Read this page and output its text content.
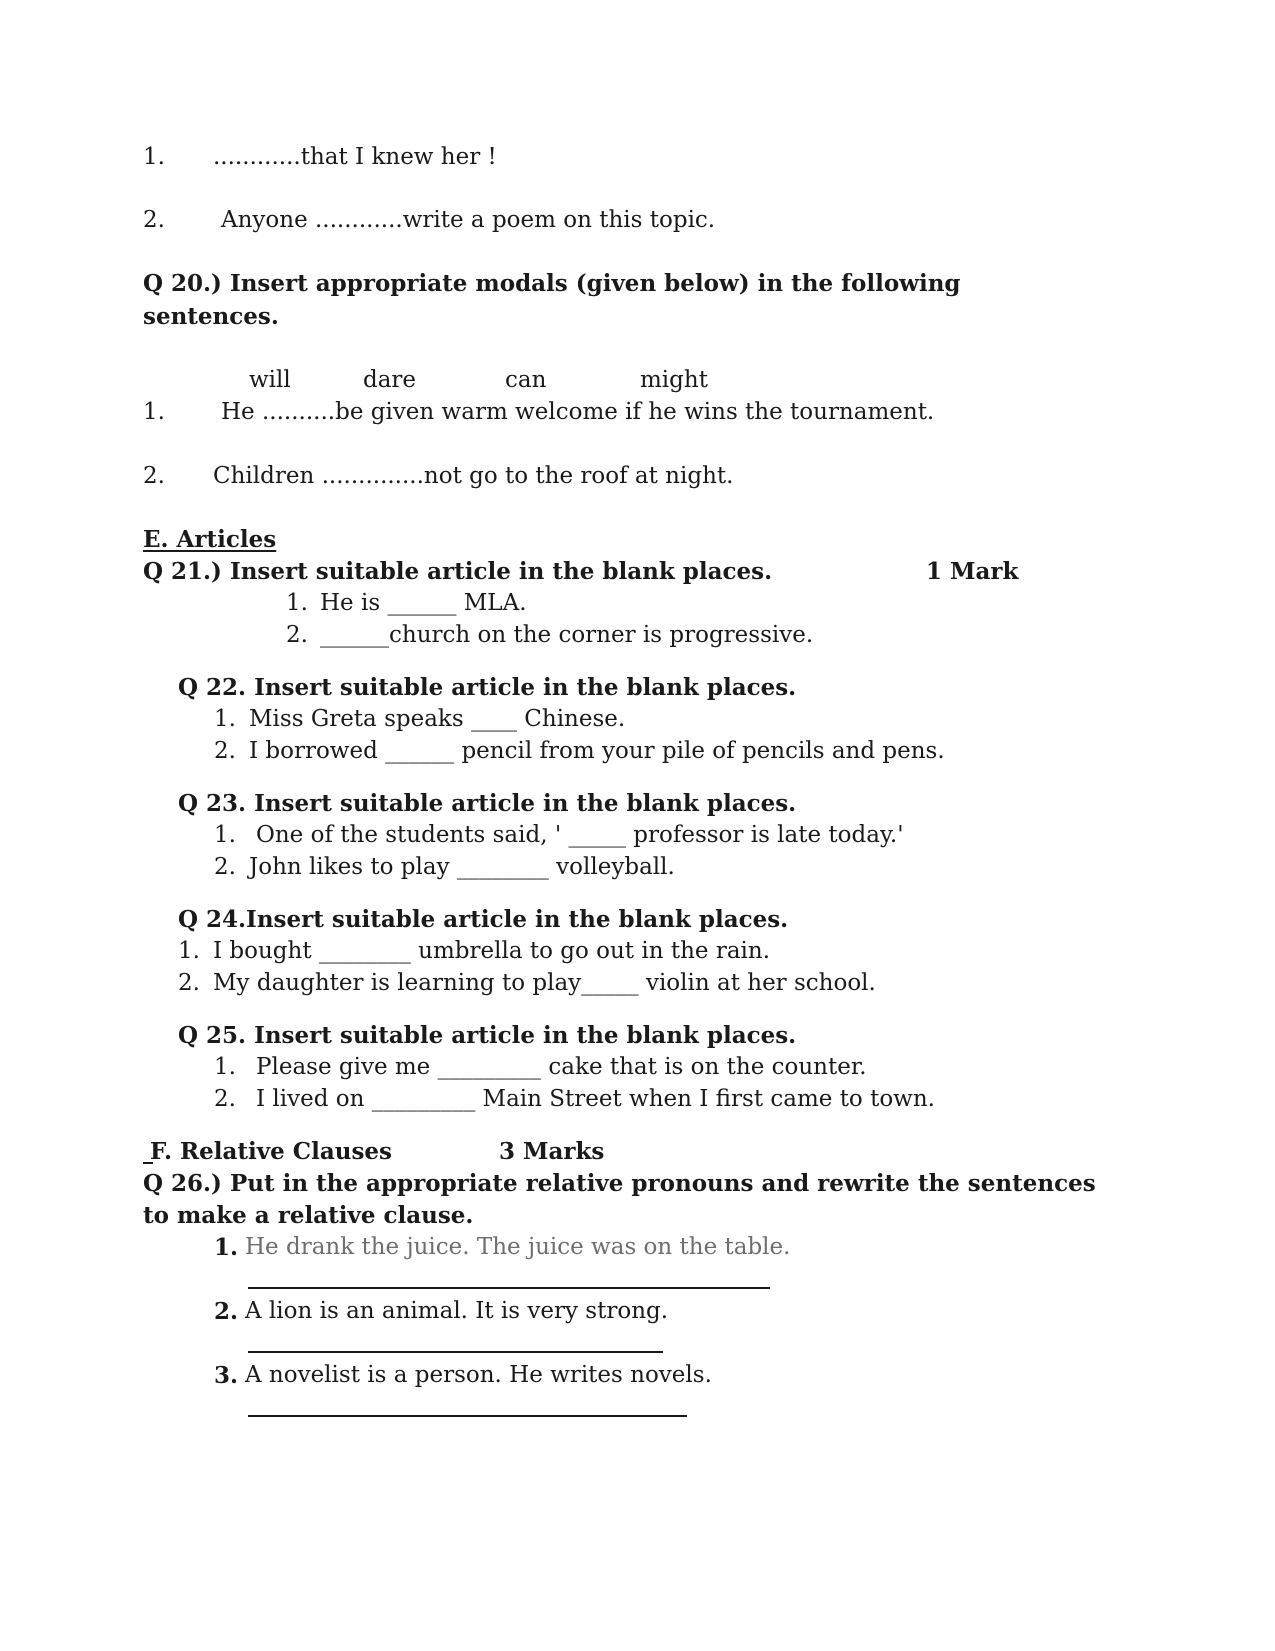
1. ............that I knew her !
2. Anyone ............write a poem on this topic.
Q 20.) Insert appropriate modals (given below) in the following
sentences.
will	dare	can	might
1. He ..........be given warm welcome if he wins the tournament.
2. Children ..............not go to the roof at night.
E. Articles
Q 21.) Insert suitable article in the blank places.	1 Mark
1. He is ______ MLA.
2. ______church on the corner is progressive.
Q 22. Insert suitable article in the blank places.
1. Miss Greta speaks ____ Chinese.
2. I borrowed ______ pencil from your pile of pencils and pens.
Q 23. Insert suitable article in the blank places.
1. One of the students said, ' _____ professor is late today.'
2. John likes to play ________ volleyball.
Q 24.Insert suitable article in the blank places.
1. I bought ________ umbrella to go out in the rain.
2. My daughter is learning to play_____ violin at her school.
Q 25. Insert suitable article in the blank places.
1. Please give me _________ cake that is on the counter.
2. I lived on _________ Main Street when I first came to town.
F. Relative Clauses	3 Marks
Q 26.) Put in the appropriate relative pronouns and rewrite the sentences
to make a relative clause.
1. He drank the juice. The juice was on the table.
2. A lion is an animal. It is very strong.
3. A novelist is a person. He writes novels.
